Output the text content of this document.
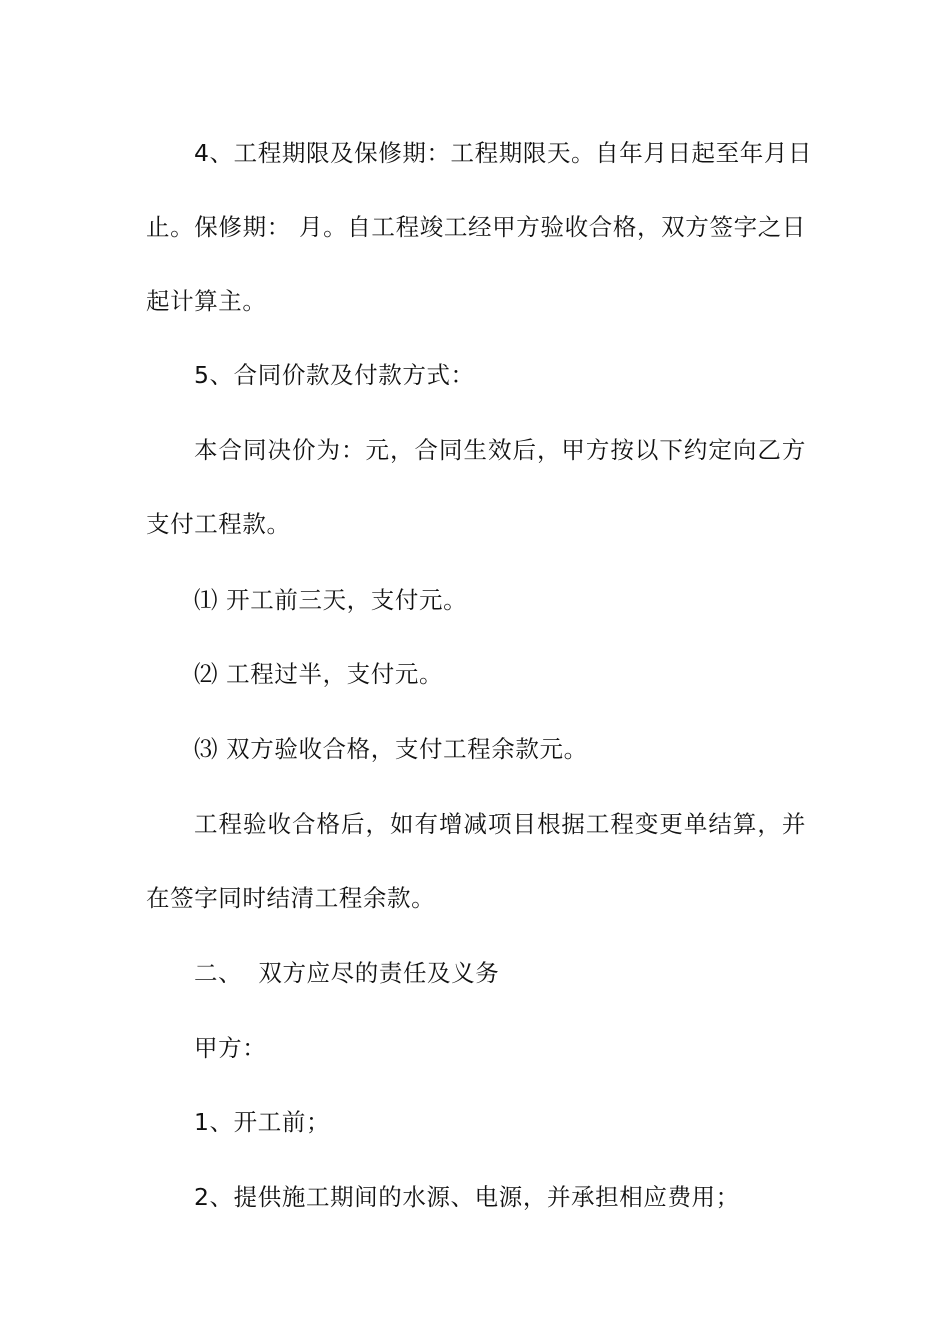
4、工程期限及保修期：工程期限天。自年月日起至年月日
止。保修期： 月。自工程竣工经甲方验收合格，双方签字之日
起计算主。
5、合同价款及付款方式：
本合同决价为：元，合同生效后，甲方按以下约定向乙方
支付工程款。
⑴ 开工前三天，支付元。
⑵ 工程过半，支付元。
⑶ 双方验收合格，支付工程余款元。
工程验收合格后，如有增减项目根据工程变更单结算，并
在签字同时结清工程余款。
二、  双方应尽的责任及义务
甲方：
1、开工前；
2、提供施工期间的水源、电源，并承担相应费用；
